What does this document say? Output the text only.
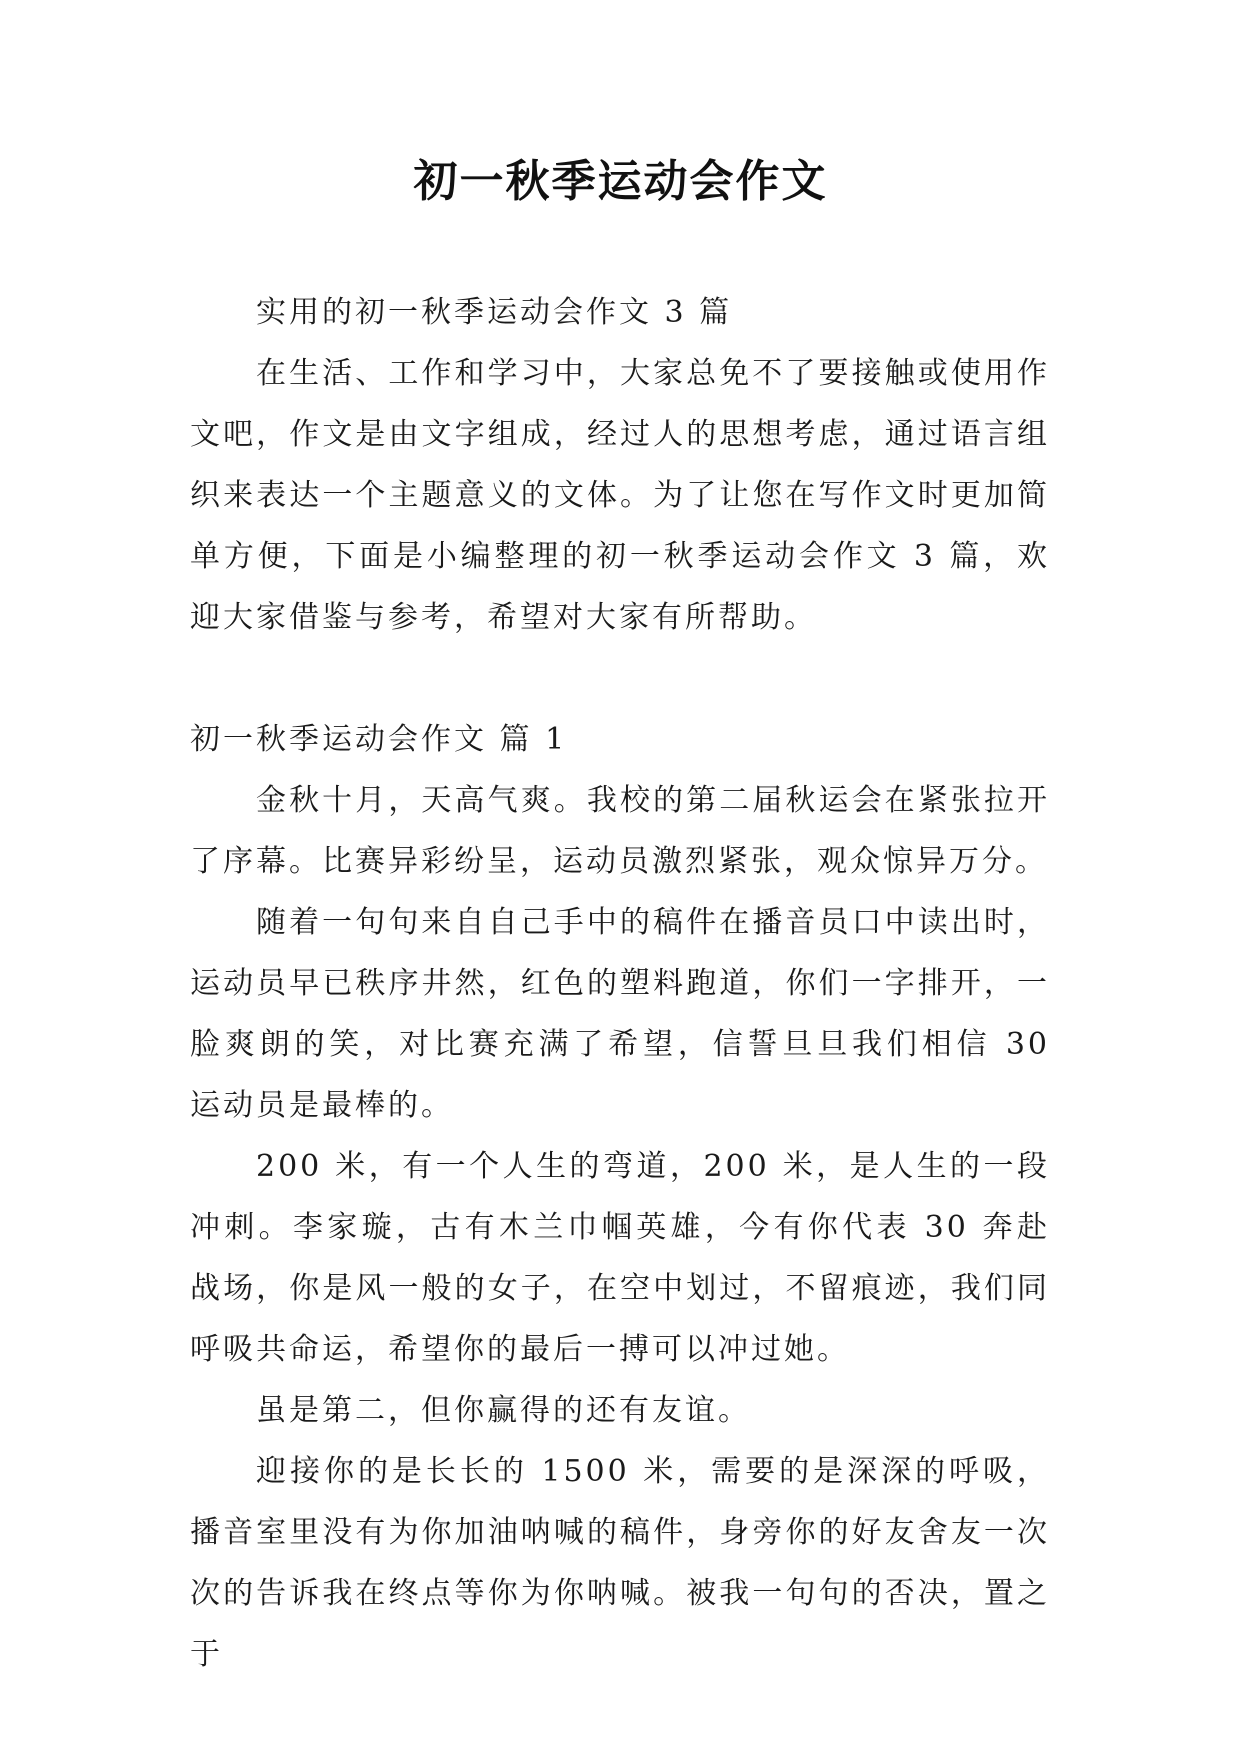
初一秋季运动会作文

实用的初一秋季运动会作文 3 篇

在生活、工作和学习中，大家总免不了要接触或使用作文吧，作文是由文字组成，经过人的思想考虑，通过语言组织来表达一个主题意义的文体。为了让您在写作文时更加简单方便，下面是小编整理的初一秋季运动会作文 3 篇，欢迎大家借鉴与参考，希望对大家有所帮助。

初一秋季运动会作文 篇 1

金秋十月，天高气爽。我校的第二届秋运会在紧张拉开了序幕。比赛异彩纷呈，运动员激烈紧张，观众惊异万分。

随着一句句来自自己手中的稿件在播音员口中读出时，运动员早已秩序井然，红色的塑料跑道，你们一字排开，一脸爽朗的笑，对比赛充满了希望，信誓旦旦我们相信 30 运动员是最棒的。

200 米，有一个人生的弯道，200 米，是人生的一段冲刺。李家璇，古有木兰巾帼英雄，今有你代表 30 奔赴战场，你是风一般的女子，在空中划过，不留痕迹，我们同呼吸共命运，希望你的最后一搏可以冲过她。

虽是第二，但你赢得的还有友谊。

迎接你的是长长的 1500 米，需要的是深深的呼吸，播音室里没有为你加油呐喊的稿件，身旁你的好友舍友一次次的告诉我在终点等你为你呐喊。被我一句句的否决，置之于
